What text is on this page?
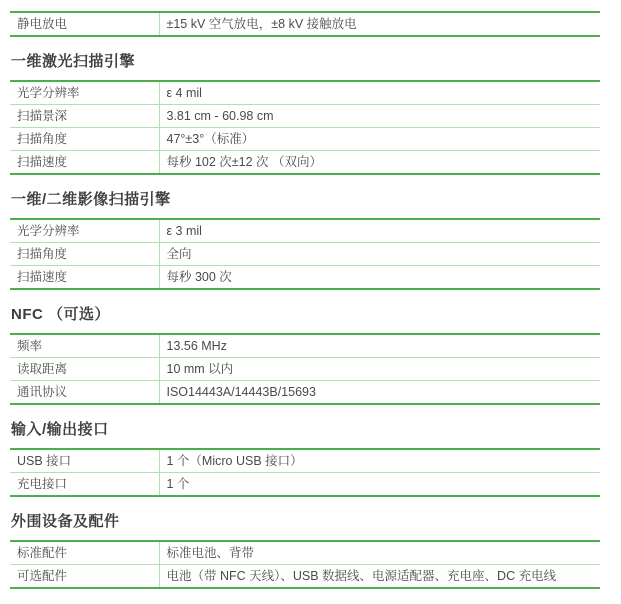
静电放电	±15 kV 空气放电，±8 kV 接触放电
一维激光扫描引擎
光学分辨率	ε 4 mil
扫描景深	3.81 cm - 60.98 cm
扫描角度	47°±3°（标准）
扫描速度	每秒 102 次±12 次 （双向）
一维/二维影像扫描引擎
光学分辨率	ε 3 mil
扫描角度	全向
扫描速度	每秒 300 次
NFC （可选）
频率	13.56 MHz
读取距离	10 mm 以内
通讯协议	ISO14443A/14443B/15693
输入/输出接口
USB 接口	1 个（Micro USB 接口）
充电接口	1 个
外围设备及配件
标准配件	标准电池、背带
可选配件	电池（带 NFC 天线）、USB 数据线、电源适配器、充电座、DC 充电线
